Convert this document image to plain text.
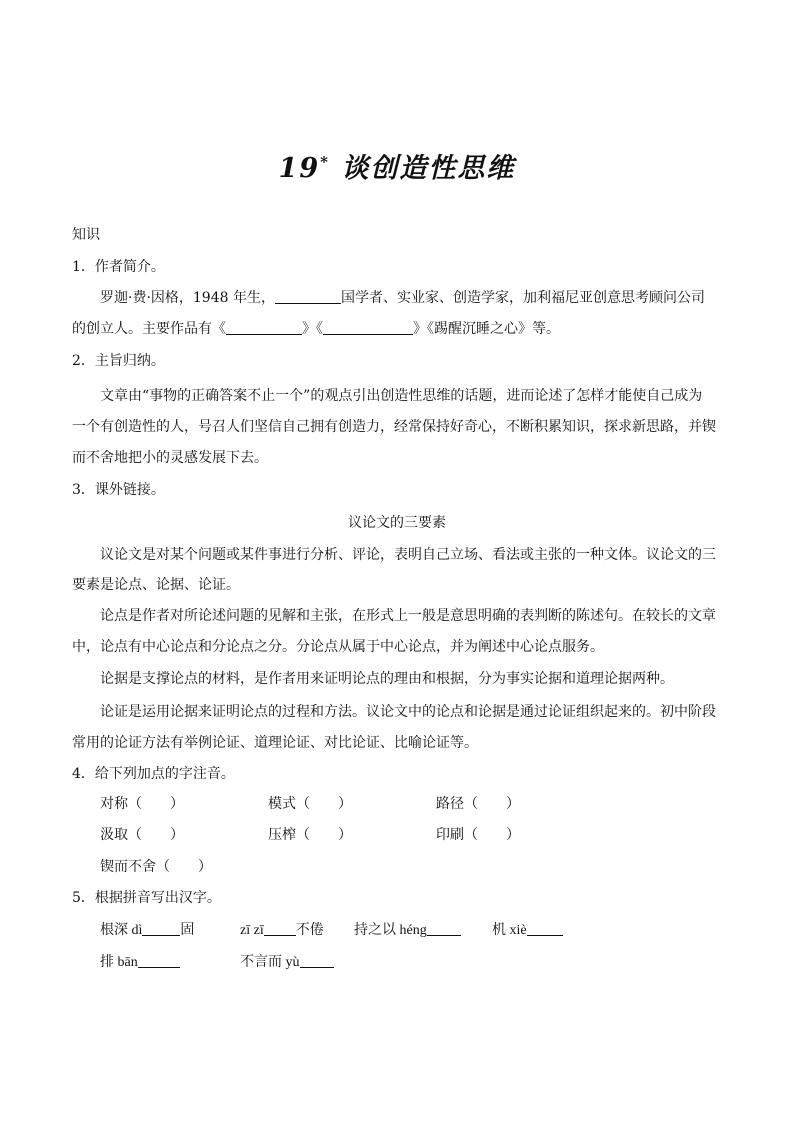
19* 谈创造性思维
知识
1．作者简介。
罗迦·费·因格，1948 年生，	国学者、实业家、创造学家，加利福尼亚创意思考顾问公司
的创立人。主要作品有《	》《	》《踢醒沉睡之心》等。
2．主旨归纳。
文章由“事物的正确答案不止一个”的观点引出创造性思维的话题，进而论述了怎样才能使自己成为
一个有创造性的人，号召人们坚信自己拥有创造力，经常保持好奇心，不断积累知识，探求新思路，并锲
而不舍地把小的灵感发展下去。
3．课外链接。
议论文的三要素
议论文是对某个问题或某件事进行分析、评论，表明自己立场、看法或主张的一种文体。议论文的三
要素是论点、论据、论证。
论点是作者对所论述问题的见解和主张，在形式上一般是意思明确的表判断的陈述句。在较长的文章
中，论点有中心论点和分论点之分。分论点从属于中心论点，并为阐述中心论点服务。
论据是支撑论点的材料，是作者用来证明论点的理由和根据，分为事实论据和道理论据两种。
论证是运用论据来证明论点的过程和方法。议论文中的论点和论据是通过论证组织起来的。初中阶段
常用的论证方法有举例论证、道理论证、对比论证、比喻论证等。
4．给下列加点的字注音。
对称（　　）	模式（　　）	路径（　　）
汲取（　　）	压榨（　　）	印刷（　　）
锲而不舍（　　）
5．根据拼音写出汉字。
根深 dì	固	zī zī 不倦 持之以 héng	机 xiè
排 bān	不言而 yù
